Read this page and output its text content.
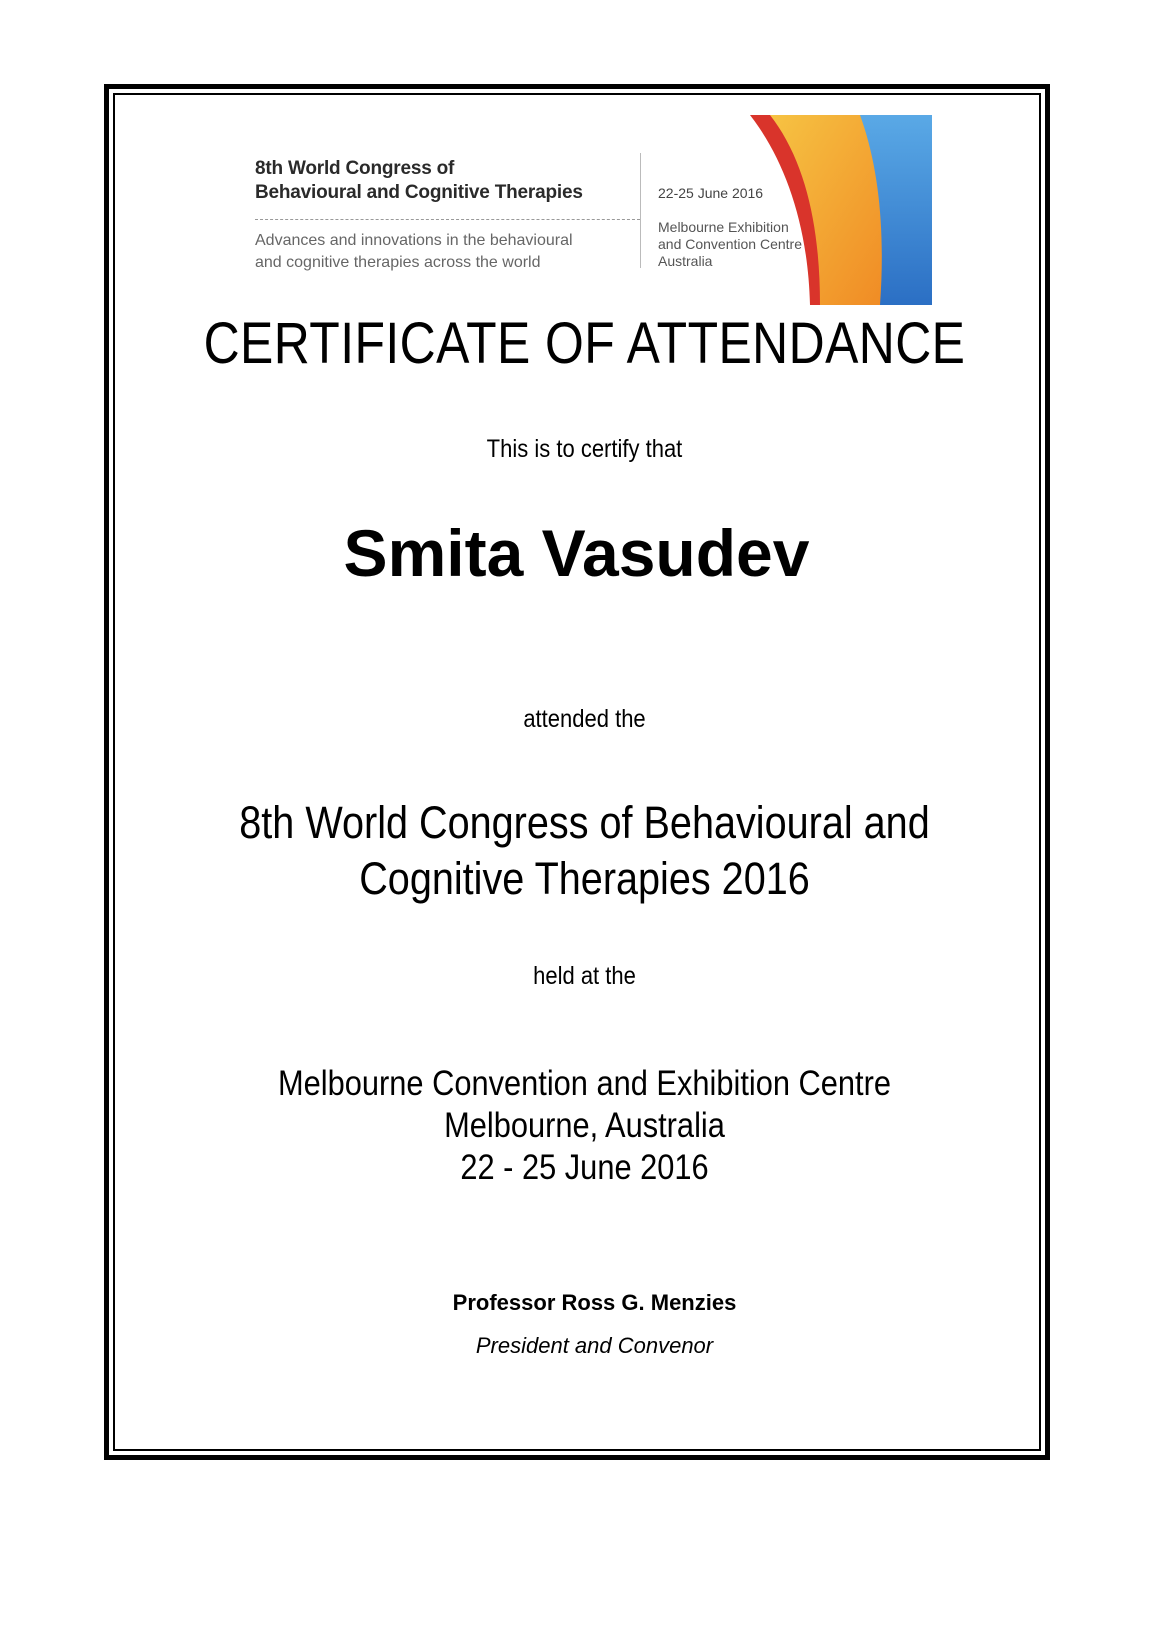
8th World Congress of
Behavioural and Cognitive Therapies
Advances and innovations in the behavioural
and cognitive therapies across the world
22-25 June 2016
Melbourne Exhibition
and Convention Centre
Australia
CERTIFICATE OF ATTENDANCE
This is to certify that
Smita Vasudev
attended the
8th World Congress of Behavioural and
Cognitive Therapies 2016
held at the
Melbourne Convention and Exhibition Centre
Melbourne, Australia
22 - 25 June 2016
Professor Ross G. Menzies
President and Convenor
